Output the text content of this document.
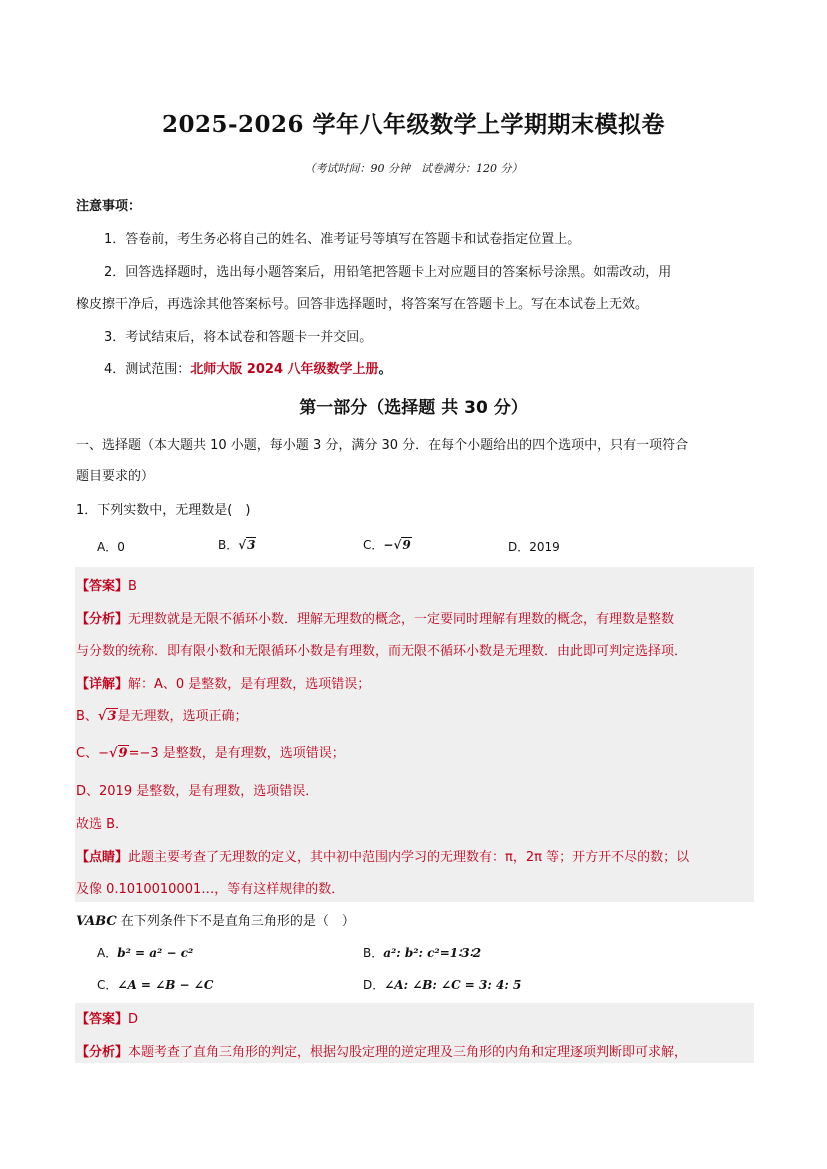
2025-2026 学年八年级数学上学期期末模拟卷
（考试时间：90 分钟　试卷满分：120 分）
注意事项：
1．答卷前，考生务必将自己的姓名、准考证号等填写在答题卡和试卷指定位置上。
2．回答选择题时，选出每小题答案后，用铅笔把答题卡上对应题目的答案标号涂黑。如需改动，用
橡皮擦干净后，再选涂其他答案标号。回答非选择题时，将答案写在答题卡上。写在本试卷上无效。
3．考试结束后，将本试卷和答题卡一并交回。
4．测试范围：北师大版 2024 八年级数学上册。
第一部分（选择题 共 30 分）
一、选择题（本大题共 10 小题，每小题 3 分，满分 30 分．在每个小题给出的四个选项中，只有一项符合
题目要求的）
1．下列实数中，无理数是(　)
A．0	B．√3	C．−√9	D．2019
【答案】B
【分析】无理数就是无限不循环小数．理解无理数的概念，一定要同时理解有理数的概念，有理数是整数
与分数的统称．即有限小数和无限循环小数是有理数，而无限不循环小数是无理数．由此即可判定选择项．
【详解】解：A、0 是整数，是有理数，选项错误；
B、√3是无理数，选项正确；
C、−√9=−3 是整数，是有理数，选项错误；
D、2019 是整数，是有理数，选项错误．
故选 B．
【点睛】此题主要考查了无理数的定义，其中初中范围内学习的无理数有：π，2π 等；开方开不尽的数；以
及像 0.1010010001…，等有这样规律的数．
VABC 在下列条件下不是直角三角形的是（　）
A．b² = a² − c²	B．a²: b²: c²=1∶3∶2
C．∠A = ∠B − ∠C	D．∠A: ∠B: ∠C = 3: 4: 5
【答案】D
【分析】本题考查了直角三角形的判定，根据勾股定理的逆定理及三角形的内角和定理逐项判断即可求解，
